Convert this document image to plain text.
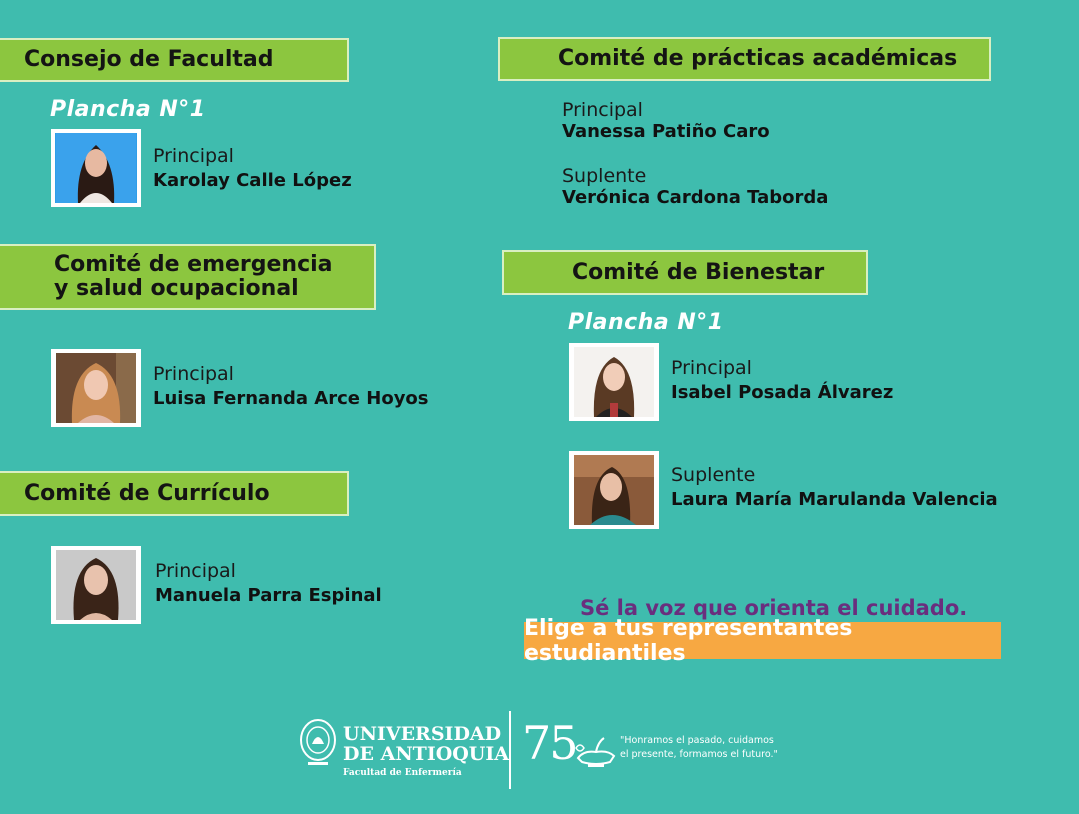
Consejo de Facultad
Plancha N°1
Principal
Karolay Calle López
Comité de emergencia
y salud ocupacional
Principal
Luisa Fernanda Arce Hoyos
Comité de Currículo
Principal
Manuela Parra Espinal
Comité de prácticas académicas
Principal
Vanessa Patiño Caro
Suplente
Verónica Cardona Taborda
Comité de Bienestar
Plancha N°1
Principal
Isabel Posada Álvarez
Suplente
Laura María Marulanda Valencia
Sé la voz que orienta el cuidado.
Elige a tus representantes estudiantiles
UNIVERSIDAD
DE ANTIOQUIA
Facultad de Enfermería
75	"Honramos el pasado, cuidamos
el presente, formamos el futuro."
